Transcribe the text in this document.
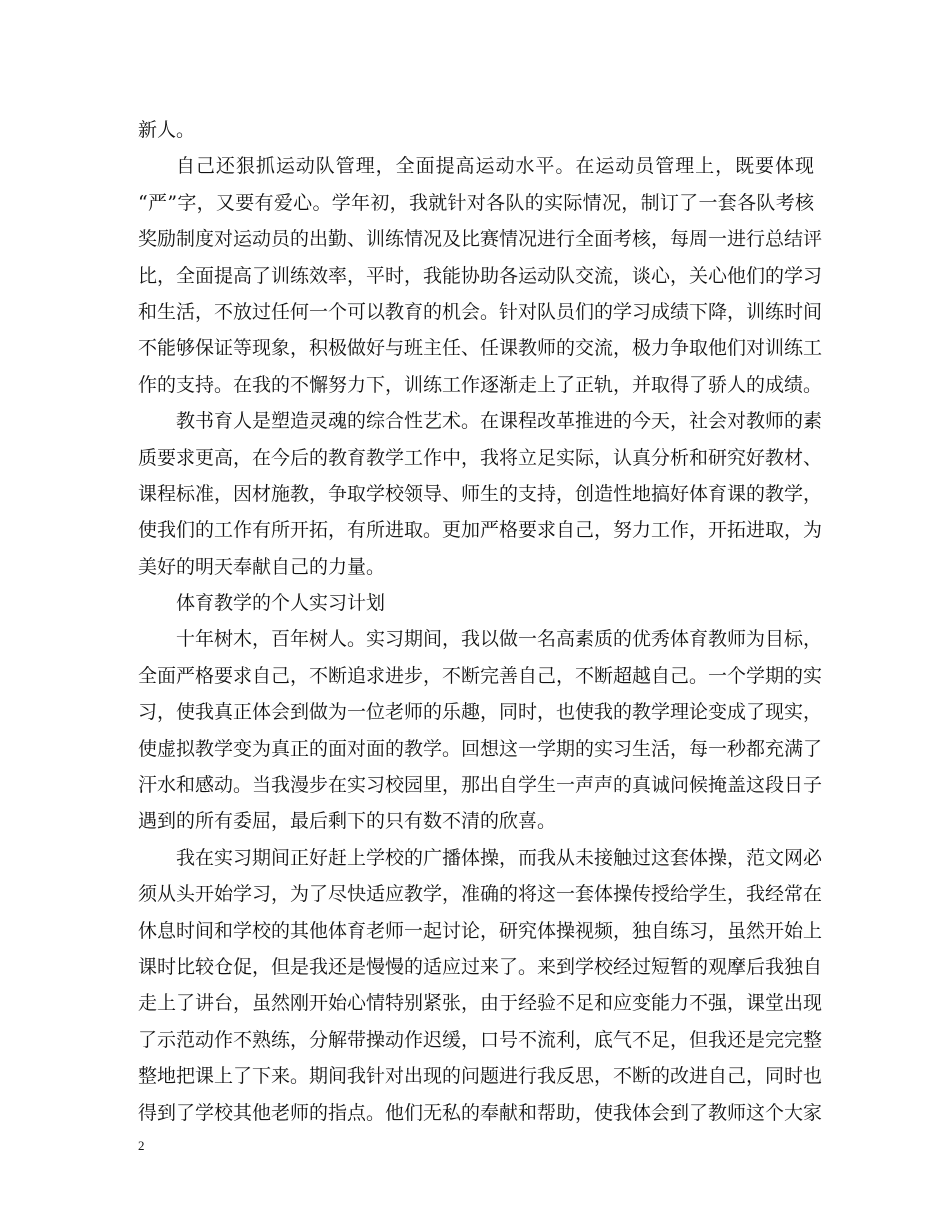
新人。
自己还狠抓运动队管理，全面提高运动水平。在运动员管理上，既要体现
“严”字，又要有爱心。学年初，我就针对各队的实际情况，制订了一套各队考核
奖励制度对运动员的出勤、训练情况及比赛情况进行全面考核，每周一进行总结评
比，全面提高了训练效率，平时，我能协助各运动队交流，谈心，关心他们的学习
和生活，不放过任何一个可以教育的机会。针对队员们的学习成绩下降，训练时间
不能够保证等现象，积极做好与班主任、任课教师的交流，极力争取他们对训练工
作的支持。在我的不懈努力下，训练工作逐渐走上了正轨，并取得了骄人的成绩。
教书育人是塑造灵魂的综合性艺术。在课程改革推进的今天，社会对教师的素
质要求更高，在今后的教育教学工作中，我将立足实际，认真分析和研究好教材、
课程标准，因材施教，争取学校领导、师生的支持，创造性地搞好体育课的教学，
使我们的工作有所开拓，有所进取。更加严格要求自己，努力工作，开拓进取，为
美好的明天奉献自己的力量。
体育教学的个人实习计划
十年树木，百年树人。实习期间，我以做一名高素质的优秀体育教师为目标，
全面严格要求自己，不断追求进步，不断完善自己，不断超越自己。一个学期的实
习，使我真正体会到做为一位老师的乐趣，同时，也使我的教学理论变成了现实，
使虚拟教学变为真正的面对面的教学。回想这一学期的实习生活，每一秒都充满了
汗水和感动。当我漫步在实习校园里，那出自学生一声声的真诚问候掩盖这段日子
遇到的所有委屈，最后剩下的只有数不清的欣喜。
我在实习期间正好赶上学校的广播体操，而我从未接触过这套体操，范文网必
须从头开始学习，为了尽快适应教学，准确的将这一套体操传授给学生，我经常在
休息时间和学校的其他体育老师一起讨论，研究体操视频，独自练习，虽然开始上
课时比较仓促，但是我还是慢慢的适应过来了。来到学校经过短暂的观摩后我独自
走上了讲台，虽然刚开始心情特别紧张，由于经验不足和应变能力不强，课堂出现
了示范动作不熟练，分解带操动作迟缓，口号不流利，底气不足，但我还是完完整
整地把课上了下来。期间我针对出现的问题进行我反思，不断的改进自己，同时也
得到了学校其他老师的指点。他们无私的奉献和帮助，使我体会到了教师这个大家
2
